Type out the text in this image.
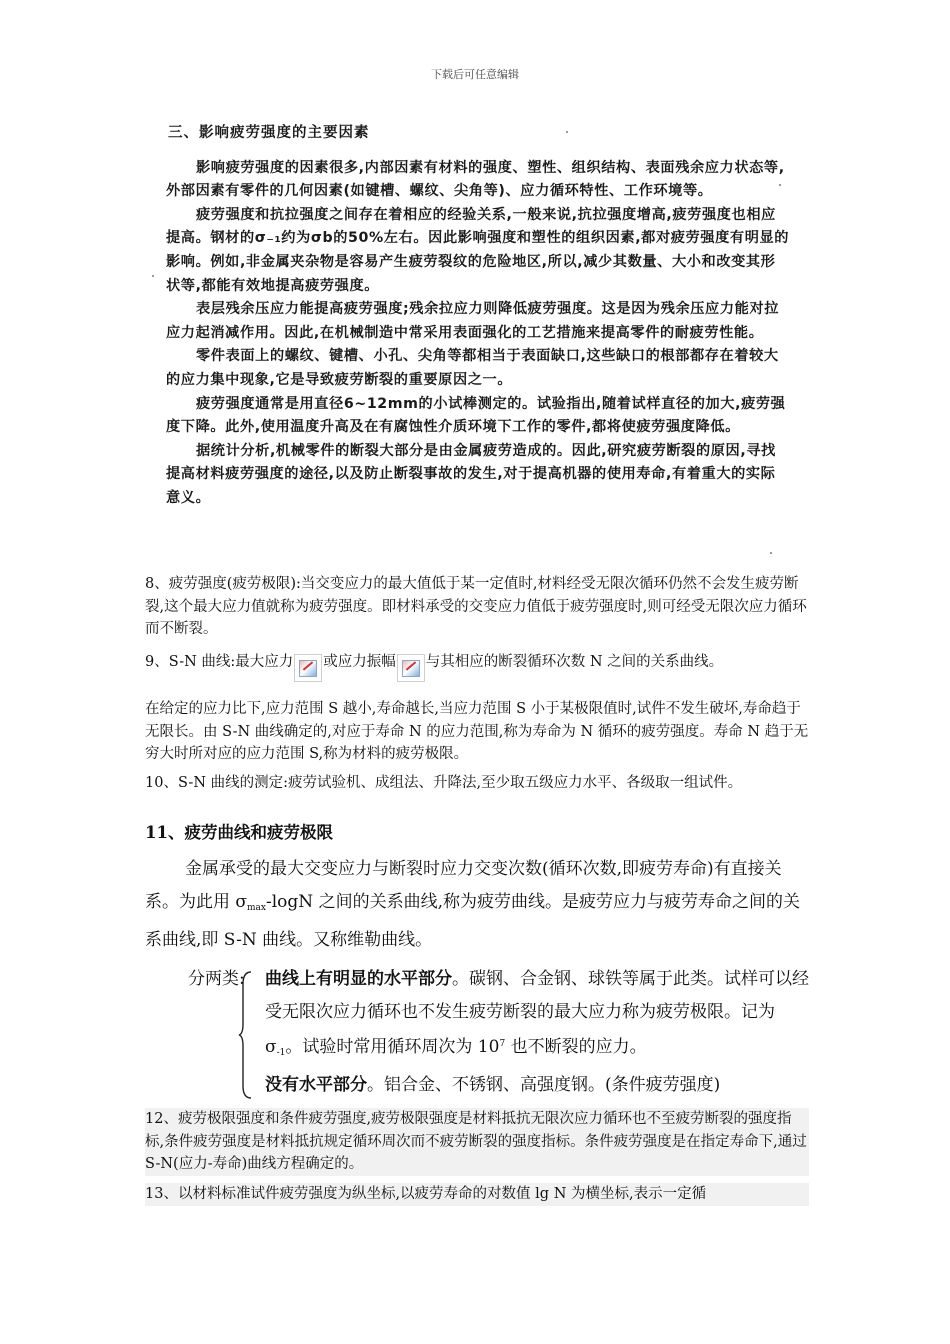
下载后可任意编辑
三、影响疲劳强度的主要因素

影响疲劳强度的因素很多,内部因素有材料的强度、塑性、组织结构、表面残余应力状态等,外部因素有零件的几何因素(如键槽、螺纹、尖角等)、应力循环特性、工作环境等。

疲劳强度和抗拉强度之间存在着相应的经验关系,一般来说,抗拉强度增高,疲劳强度也相应提高。钢材的σ₋₁约为σb的50%左右。因此影响强度和塑性的组织因素,都对疲劳强度有明显的影响。例如,非金属夹杂物是容易产生疲劳裂纹的危险地区,所以,减少其数量、大小和改变其形状等,都能有效地提高疲劳强度。

表层残余压应力能提高疲劳强度;残余拉应力则降低疲劳强度。这是因为残余压应力能对拉应力起消减作用。因此,在机械制造中常采用表面强化的工艺措施来提高零件的耐疲劳性能。

零件表面上的螺纹、键槽、小孔、尖角等都相当于表面缺口,这些缺口的根部都存在着较大的应力集中现象,它是导致疲劳断裂的重要原因之一。

疲劳强度通常是用直径6~12mm的小试棒测定的。试验指出,随着试样直径的加大,疲劳强度下降。此外,使用温度升高及在有腐蚀性介质环境下工作的零件,都将使疲劳强度降低。

据统计分析,机械零件的断裂大部分是由金属疲劳造成的。因此,研究疲劳断裂的原因,寻找提高材料疲劳强度的途径,以及防止断裂事故的发生,对于提高机器的使用寿命,有着重大的实际意义。

8、疲劳强度(疲劳极限):当交变应力的最大值低于某一定值时,材料经受无限次循环仍然不会发生疲劳断裂,这个最大应力值就称为疲劳强度。即材料承受的交变应力值低于疲劳强度时,则可经受无限次应力循环而不断裂。

9、S-N 曲线:最大应力 或应力振幅 与其相应的断裂循环次数 N 之间的关系曲线。

在给定的应力比下,应力范围 S 越小,寿命越长,当应力范围 S 小于某极限值时,试件不发生破坏,寿命趋于无限长。由 S-N 曲线确定的,对应于寿命 N 的应力范围,称为寿命为 N 循环的疲劳强度。寿命 N 趋于无穷大时所对应的应力范围 S,称为材料的疲劳极限。

10、S-N 曲线的测定:疲劳试验机、成组法、升降法,至少取五级应力水平、各级取一组试件。

11、疲劳曲线和疲劳极限

金属承受的最大交变应力与断裂时应力交变次数(循环次数,即疲劳寿命)有直接关系。为此用 $\sigma_{max}$-logN 之间的关系曲线,称为疲劳曲线。是疲劳应力与疲劳寿命之间的关系曲线,即 S-N 曲线。又称维勒曲线。

分两类: 曲线上有明显的水平部分。碳钢、合金钢、球铁等属于此类。试样可以经受无限次应力循环也不发生疲劳断裂的最大应力称为疲劳极限。记为 $\sigma_{-1}$。试验时常用循环周次为 $10^7$ 也不断裂的应力。

没有水平部分。铝合金、不锈钢、高强度钢。(条件疲劳强度)

12、疲劳极限强度和条件疲劳强度,疲劳极限强度是材料抵抗无限次应力循环也不至疲劳断裂的强度指标,条件疲劳强度是材料抵抗规定循环周次而不疲劳断裂的强度指标。条件疲劳强度是在指定寿命下,通过 S-N(应力-寿命)曲线方程确定的。

13、以材料标准试件疲劳强度为纵坐标,以疲劳寿命的对数值 lg N 为横坐标,表示一定循
